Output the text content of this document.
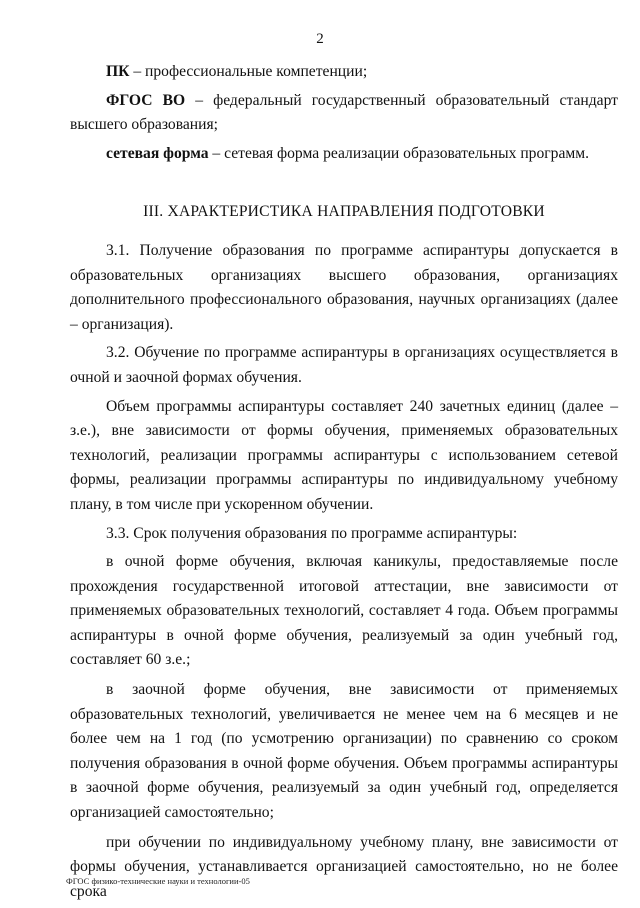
2

ПК – профессиональные компетенции;

ФГОС ВО – федеральный государственный образовательный стандарт высшего образования;

сетевая форма – сетевая форма реализации образовательных программ.

III. ХАРАКТЕРИСТИКА НАПРАВЛЕНИЯ ПОДГОТОВКИ

3.1. Получение образования по программе аспирантуры допускается в образовательных организациях высшего образования, организациях дополнительного профессионального образования, научных организациях (далее – организация).

3.2. Обучение по программе аспирантуры в организациях осуществляется в очной и заочной формах обучения.

Объем программы аспирантуры составляет 240 зачетных единиц (далее – з.е.), вне зависимости от формы обучения, применяемых образовательных технологий, реализации программы аспирантуры с использованием сетевой формы, реализации программы аспирантуры по индивидуальному учебному плану, в том числе при ускоренном обучении.

3.3. Срок получения образования по программе аспирантуры:

в очной форме обучения, включая каникулы, предоставляемые после прохождения государственной итоговой аттестации, вне зависимости от применяемых образовательных технологий, составляет 4 года. Объем программы аспирантуры в очной форме обучения, реализуемый за один учебный год, составляет 60 з.е.;

в заочной форме обучения, вне зависимости от применяемых образовательных технологий, увеличивается не менее чем на 6 месяцев и не более чем на 1 год (по усмотрению организации) по сравнению со сроком получения образования в очной форме обучения. Объем программы аспирантуры в заочной форме обучения, реализуемый за один учебный год, определяется организацией самостоятельно;

при обучении по индивидуальному учебному плану, вне зависимости от формы обучения, устанавливается организацией самостоятельно, но не более срока

ФГОС физико-технические науки и технологии-05
